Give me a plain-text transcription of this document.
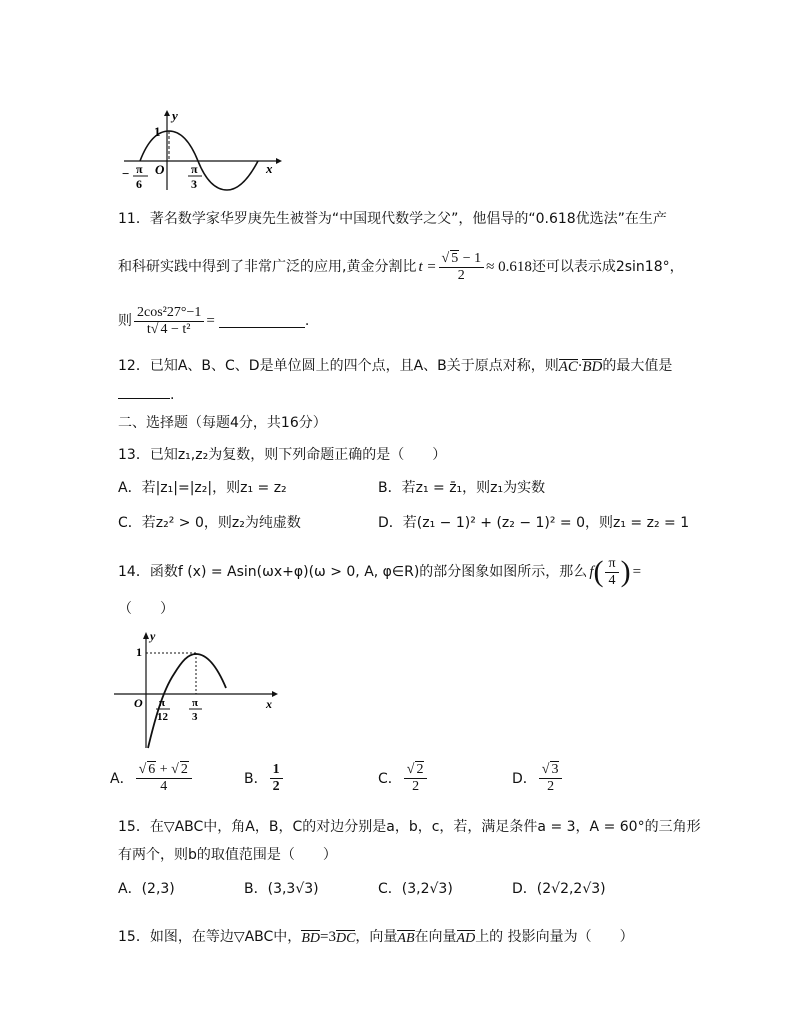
y
x
1
O
− π
6
π
3
11．著名数学家华罗庚先生被誉为“中国现代数学之父”，他倡导的“0.618优选法”在生产
和科研实践中得到了非常广泛的应用,黄金分割比 $t = \frac{√ 5 - 1}{2} \approx 0.618$ 还可以表示成2sin18°，
则 $\frac{\text{2cos²27°−1}}{\text{t√ 4 − t²}}$ =	.
12． 已知A、B、C、D是单位圆上的四个点，且A、B关于原点对称，则 AC · BD 的最大值是
.
二、选择题（每题4分，共16分）
13．已知z₁,z₂为复数，则下列命题正确的是（　　）
A．若|z₁|=|z₂|，则z₁ = z₂	B．若z₁ = z̄₁，则z₁为实数
C．若z₂² > 0，则z₂为纯虚数	D．若(z₁ − 1)² + (z₂ − 1)² = 0，则z₁ = z₂ = 1
14． 函数f (x) = Asin(ωx+φ)(ω > 0, A, φ∈R)的部分图象如图所示，那么 f ( $\frac{\pi}{4}$ ) =
（　　）
y
x
1
O π
12
π
3
A． $\frac{√ 6 + √ 2}{4}$	B． $\frac{1}{2}$	C． $\frac{√ 2}{2}$	D． $\frac{√ 3}{2}$
15．在▽ABC中，角A，B，C的对边分别是a，b，c，若，满足条件a = 3，A = 60°的三角形
有两个，则b的取值范围是（　　）
A．(2,3)	B．(3,3√3)	C．(3,2√3)	D．(2√2,2√3)
15． 如图，在等边▽ABC中， BD =3 DC ，向量 AB 在向量 AD 上的 投影向量为（　　）
